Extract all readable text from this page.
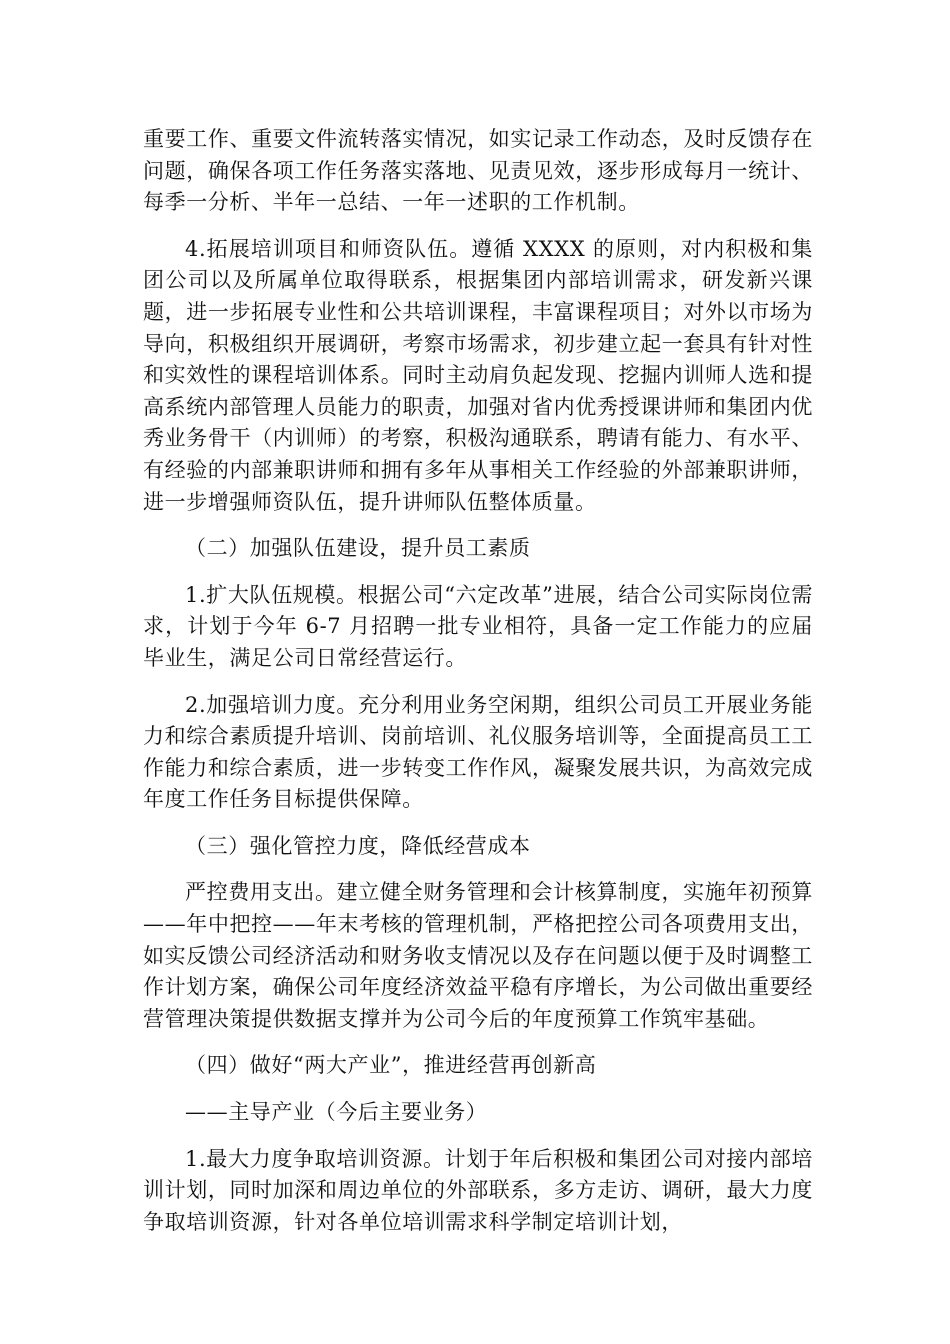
重要工作、重要文件流转落实情况，如实记录工作动态，及时反馈存在问题，确保各项工作任务落实落地、见责见效，逐步形成每月一统计、每季一分析、半年一总结、一年一述职的工作机制。

4.拓展培训项目和师资队伍。遵循 XXXX 的原则，对内积极和集团公司以及所属单位取得联系，根据集团内部培训需求，研发新兴课题，进一步拓展专业性和公共培训课程，丰富课程项目；对外以市场为导向，积极组织开展调研，考察市场需求，初步建立起一套具有针对性和实效性的课程培训体系。同时主动肩负起发现、挖掘内训师人选和提高系统内部管理人员能力的职责，加强对省内优秀授课讲师和集团内优秀业务骨干（内训师）的考察，积极沟通联系，聘请有能力、有水平、有经验的内部兼职讲师和拥有多年从事相关工作经验的外部兼职讲师，进一步增强师资队伍，提升讲师队伍整体质量。

（二）加强队伍建设，提升员工素质

1.扩大队伍规模。根据公司“六定改革”进展，结合公司实际岗位需求，计划于今年 6-7 月招聘一批专业相符，具备一定工作能力的应届毕业生，满足公司日常经营运行。

2.加强培训力度。充分利用业务空闲期，组织公司员工开展业务能力和综合素质提升培训、岗前培训、礼仪服务培训等，全面提高员工工作能力和综合素质，进一步转变工作作风，凝聚发展共识，为高效完成年度工作任务目标提供保障。

（三）强化管控力度，降低经营成本

严控费用支出。建立健全财务管理和会计核算制度，实施年初预算——年中把控——年末考核的管理机制，严格把控公司各项费用支出，如实反馈公司经济活动和财务收支情况以及存在问题以便于及时调整工作计划方案，确保公司年度经济效益平稳有序增长，为公司做出重要经营管理决策提供数据支撑并为公司今后的年度预算工作筑牢基础。

（四）做好“两大产业”，推进经营再创新高

——主导产业（今后主要业务）

1.最大力度争取培训资源。计划于年后积极和集团公司对接内部培训计划，同时加深和周边单位的外部联系，多方走访、调研，最大力度争取培训资源，针对各单位培训需求科学制定培训计划，
